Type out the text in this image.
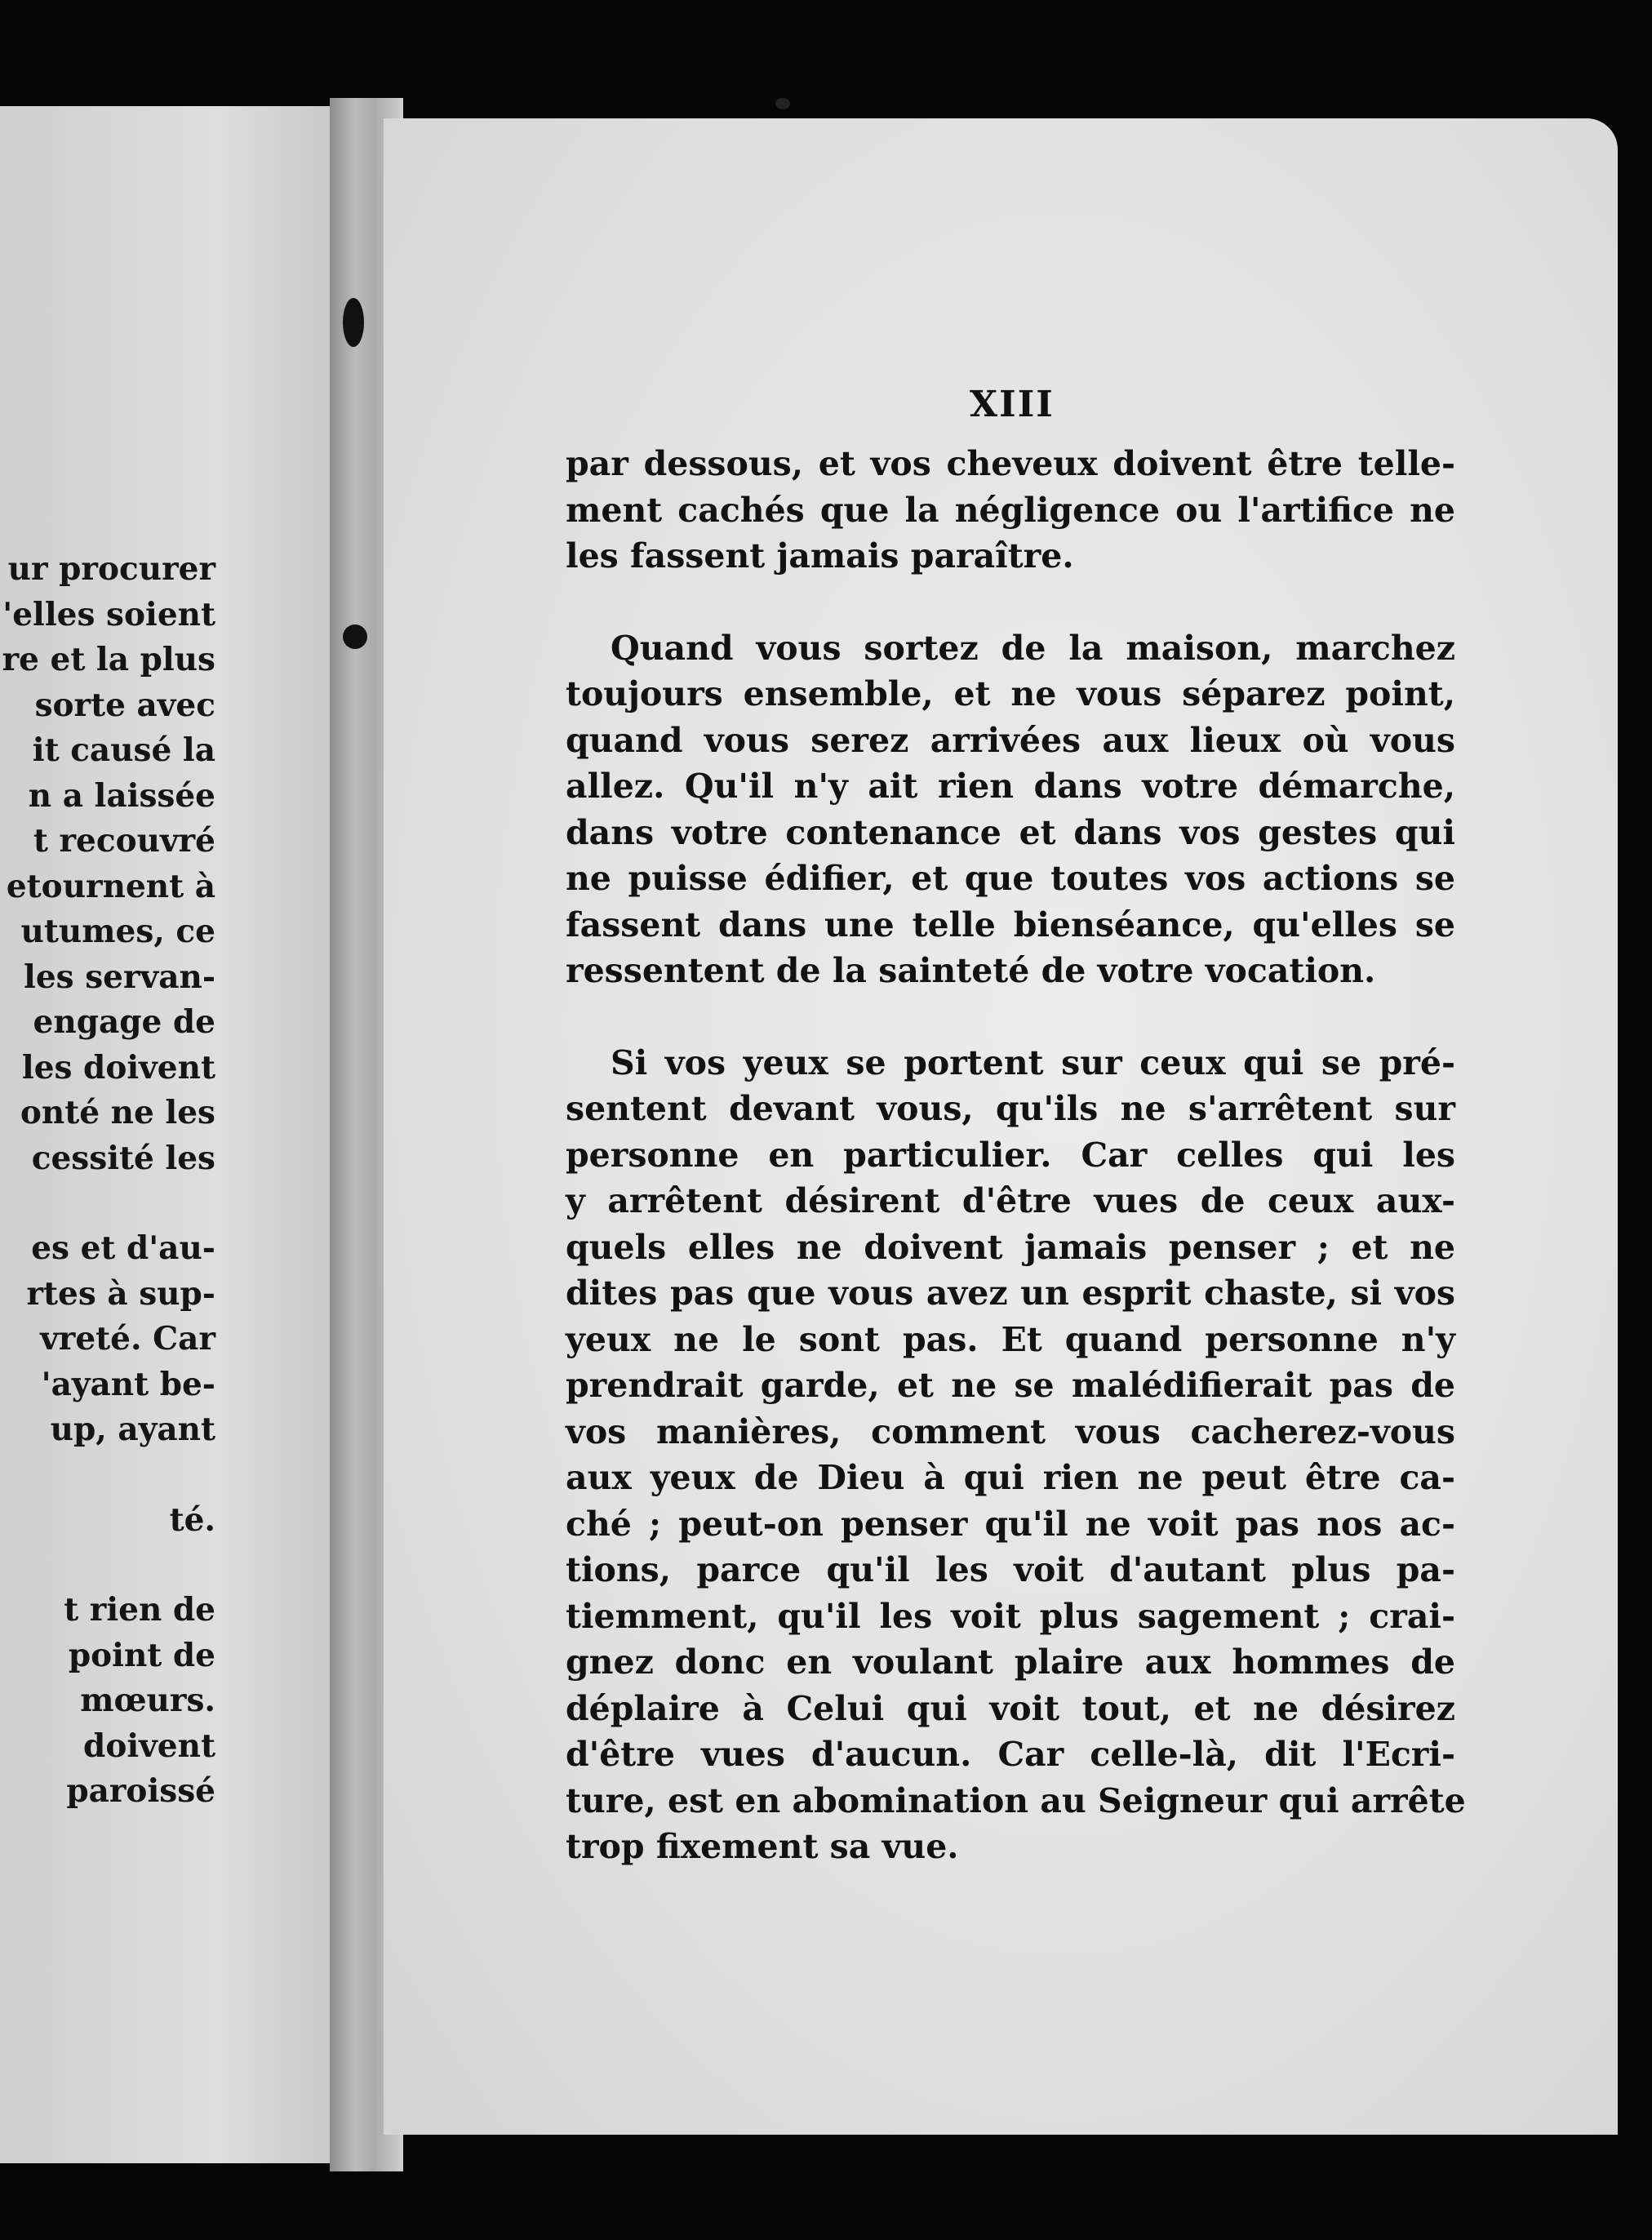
ur procurer
'elles soient
re et la plus
sorte avec
it causé la
n a laissée
t recouvré
etournent à
utumes, ce
les servan-
engage de
les doivent
onté ne les
cessité les
es et d'au-
rtes à sup-
vreté. Car
'ayant be-
up, ayant
té.
t rien de
point de
mœurs.
doivent
paroissé
XIII
par dessous, et vos cheveux doivent être telle-
ment cachés que la négligence ou l'artifice ne
les fassent jamais paraître.
Quand vous sortez de la maison, marchez
toujours ensemble, et ne vous séparez point,
quand vous serez arrivées aux lieux où vous
allez. Qu'il n'y ait rien dans votre démarche,
dans votre contenance et dans vos gestes qui
ne puisse édifier, et que toutes vos actions se
fassent dans une telle bienséance, qu'elles se
ressentent de la sainteté de votre vocation.
Si vos yeux se portent sur ceux qui se pré-
sentent devant vous, qu'ils ne s'arrêtent sur
personne en particulier. Car celles qui les
y arrêtent désirent d'être vues de ceux aux-
quels elles ne doivent jamais penser ; et ne
dites pas que vous avez un esprit chaste, si vos
yeux ne le sont pas. Et quand personne n'y
prendrait garde, et ne se malédifierait pas de
vos manières, comment vous cacherez-vous
aux yeux de Dieu à qui rien ne peut être ca-
ché ; peut-on penser qu'il ne voit pas nos ac-
tions, parce qu'il les voit d'autant plus pa-
tiemment, qu'il les voit plus sagement ; crai-
gnez donc en voulant plaire aux hommes de
déplaire à Celui qui voit tout, et ne désirez
d'être vues d'aucun. Car celle-là, dit l'Ecri-
ture, est en abomination au Seigneur qui arrête
trop fixement sa vue.
